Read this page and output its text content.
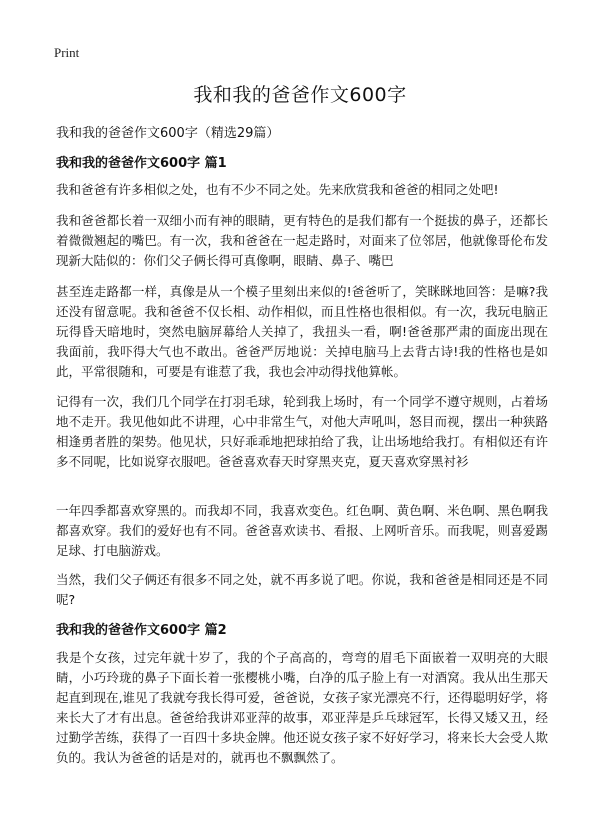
Print
我和我的爸爸作文600字

我和我的爸爸作文600字（精选29篇）

我和我的爸爸作文600字 篇1

我和爸爸有许多相似之处，也有不少不同之处。先来欣赏我和爸爸的相同之处吧!

我和爸爸都长着一双细小而有神的眼睛，更有特色的是我们都有一个挺拔的鼻子，还都长着微微翘起的嘴巴。有一次，我和爸爸在一起走路时，对面来了位邻居，他就像哥伦布发现新大陆似的：你们父子俩长得可真像啊，眼睛、鼻子、嘴巴

甚至连走路都一样，真像是从一个模子里刻出来似的!爸爸听了，笑眯眯地回答：是嘛?我还没有留意呢。我和爸爸不仅长相、动作相似，而且性格也很相似。有一次，我玩电脑正玩得昏天暗地时，突然电脑屏幕给人关掉了，我扭头一看，啊!爸爸那严肃的面庞出现在我面前，我吓得大气也不敢出。爸爸严厉地说：关掉电脑马上去背古诗!我的性格也是如此，平常很随和，可要是有谁惹了我，我也会冲动得找他算帐。

记得有一次，我们几个同学在打羽毛球，轮到我上场时，有一个同学不遵守规则，占着场地不走开。我见他如此不讲理，心中非常生气，对他大声吼叫，怒目而视，摆出一种狭路相逢勇者胜的架势。他见状，只好乖乖地把球拍给了我，让出场地给我打。有相似还有许多不同呢，比如说穿衣服吧。爸爸喜欢春天时穿黑夹克，夏天喜欢穿黑衬衫

一年四季都喜欢穿黑的。而我却不同，我喜欢变色。红色啊、黄色啊、米色啊、黑色啊我都喜欢穿。我们的爱好也有不同。爸爸喜欢读书、看报、上网听音乐。而我呢，则喜爱踢足球、打电脑游戏。

当然，我们父子俩还有很多不同之处，就不再多说了吧。你说，我和爸爸是相同还是不同呢?

我和我的爸爸作文600字 篇2

我是个女孩，过完年就十岁了，我的个子高高的，弯弯的眉毛下面嵌着一双明亮的大眼睛，小巧玲珑的鼻子下面长着一张樱桃小嘴，白净的瓜子脸上有一对酒窝。我从出生那天起直到现在,谁见了我就夸我长得可爱，爸爸说，女孩子家光漂亮不行，还得聪明好学，将来长大了才有出息。爸爸给我讲邓亚萍的故事，邓亚萍是乒乓球冠军，长得又矮又丑，经过勤学苦练，获得了一百四十多块金牌。他还说女孩子家不好好学习，将来长大会受人欺负的。我认为爸爸的话是对的，就再也不飘飘然了。
